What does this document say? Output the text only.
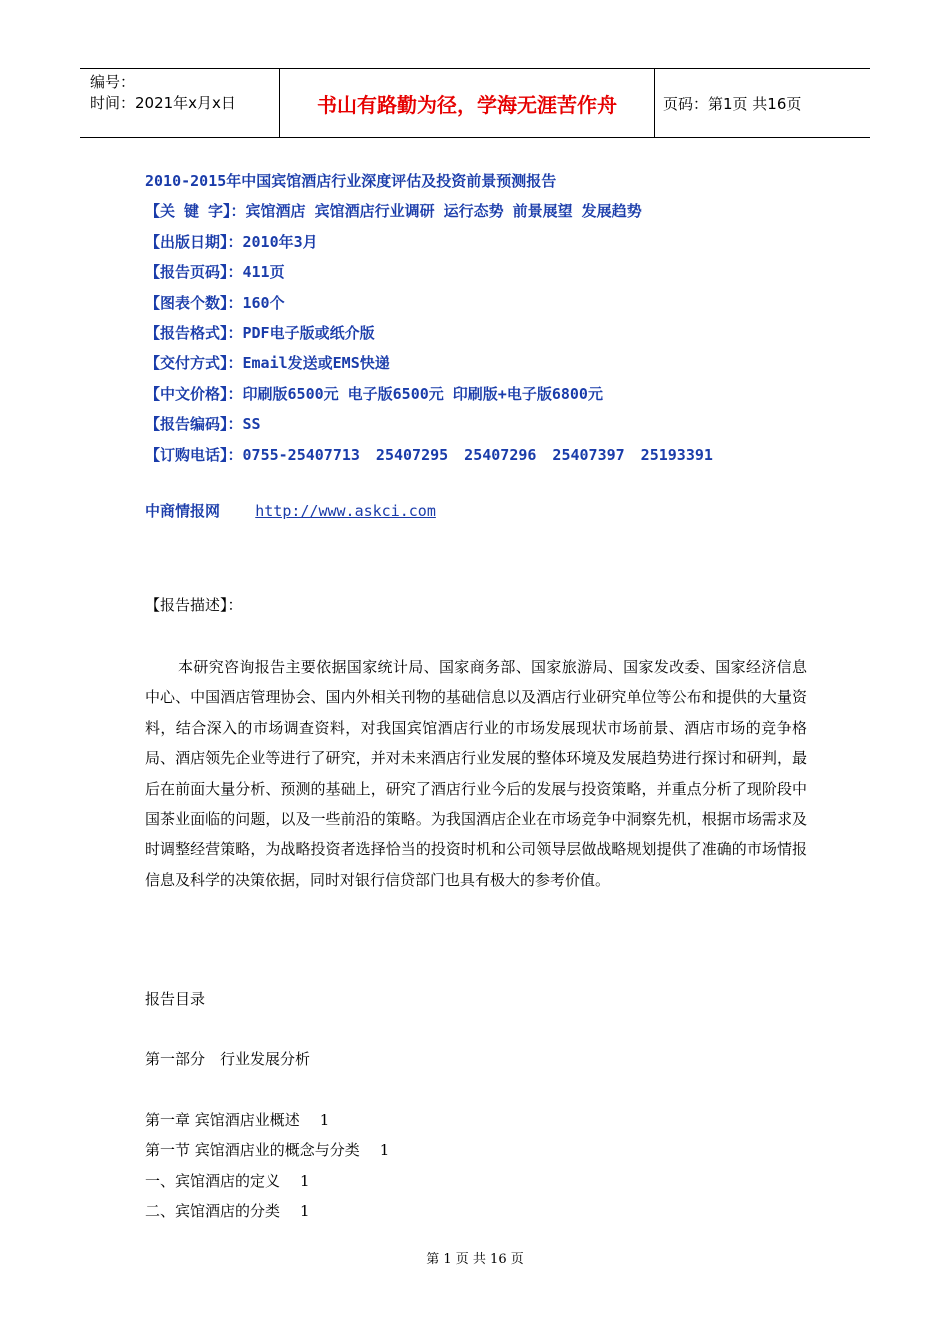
编号：
时间：2021年x月x日	书山有路勤为径，学海无涯苦作舟	页码：第1页 共16页
2010-2015年中国宾馆酒店行业深度评估及投资前景预测报告
【关 键 字】：宾馆酒店 宾馆酒店行业调研 运行态势 前景展望 发展趋势
【出版日期】：2010年3月
【报告页码】：411页
【图表个数】：160个
【报告格式】：PDF电子版或纸介版
【交付方式】：Email发送或EMS快递
【中文价格】：印刷版6500元 电子版6500元 印刷版+电子版6800元
【报告编码】：SS
【订购电话】：0755-25407713 25407295 25407296 25407397 25193391
中商情报网 http://www.askci.com
【报告描述】：

本研究咨询报告主要依据国家统计局、国家商务部、国家旅游局、国家发改委、国家经济信息中心、中国酒店管理协会、国内外相关刊物的基础信息以及酒店行业研究单位等公布和提供的大量资料，结合深入的市场调查资料，对我国宾馆酒店行业的市场发展现状市场前景、酒店市场的竞争格局、酒店领先企业等进行了研究，并对未来酒店行业发展的整体环境及发展趋势进行探讨和研判，最后在前面大量分析、预测的基础上，研究了酒店行业今后的发展与投资策略，并重点分析了现阶段中国茶业面临的问题，以及一些前沿的策略。为我国酒店企业在市场竞争中洞察先机，根据市场需求及时调整经营策略，为战略投资者选择恰当的投资时机和公司领导层做战略规划提供了准确的市场情报信息及科学的决策依据，同时对银行信贷部门也具有极大的参考价值。

报告目录
第一部分　行业发展分析
第一章 宾馆酒店业概述 1
第一节 宾馆酒店业的概念与分类 1
一、宾馆酒店的定义 1
二、宾馆酒店的分类 1
第 1 页 共 16 页
